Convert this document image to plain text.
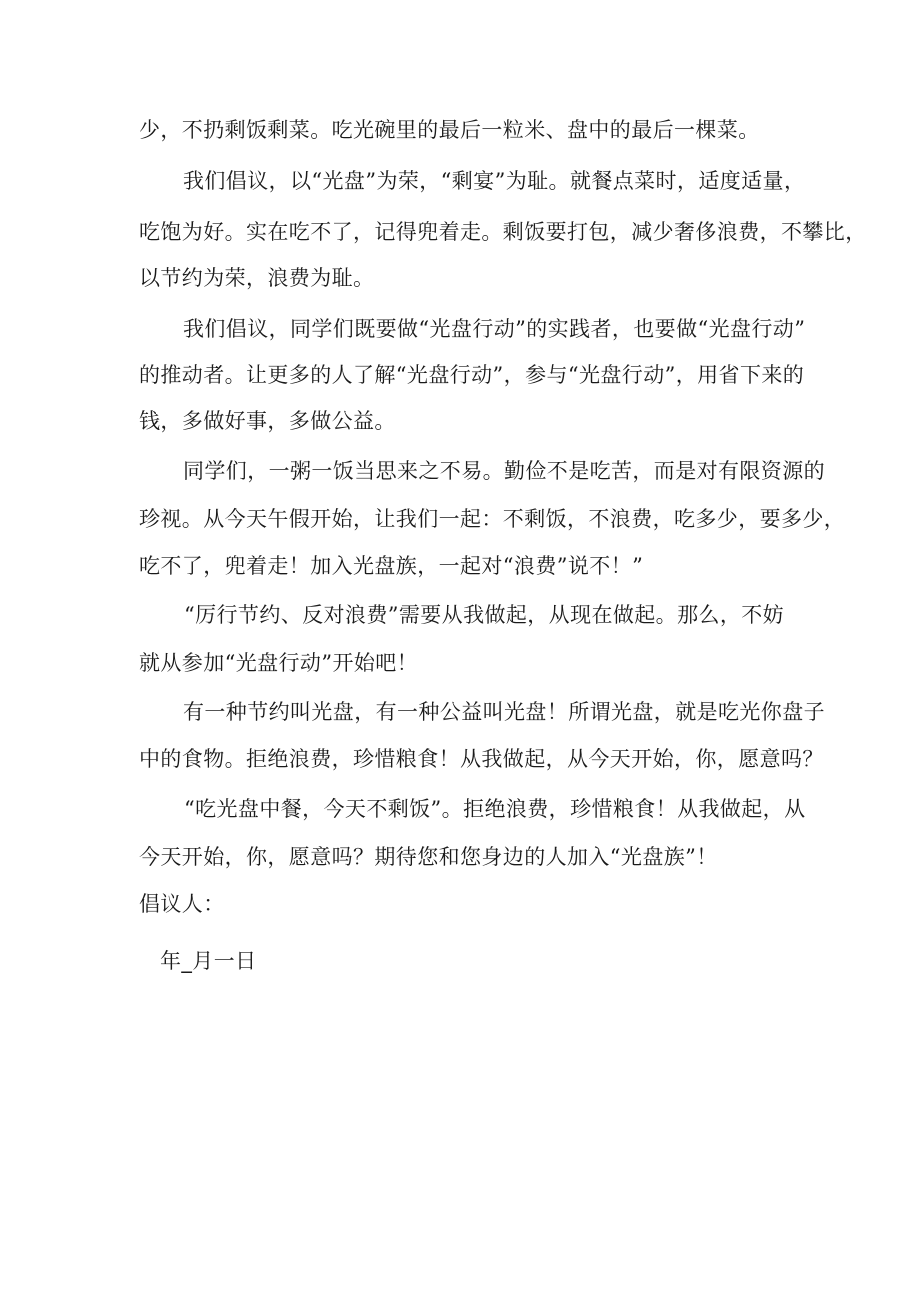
少，不扔剩饭剩菜。吃光碗里的最后一粒米、盘中的最后一棵菜。
我们倡议，以“光盘”为荣，“剩宴”为耻。就餐点菜时，适度适量，
吃饱为好。实在吃不了，记得兜着走。剩饭要打包，减少奢侈浪费，不攀比，
以节约为荣，浪费为耻。
我们倡议，同学们既要做“光盘行动”的实践者，也要做“光盘行动”
的推动者。让更多的人了解“光盘行动”，参与“光盘行动”，用省下来的
钱，多做好事，多做公益。
同学们，一粥一饭当思来之不易。勤俭不是吃苦，而是对有限资源的
珍视。从今天午假开始，让我们一起：不剩饭，不浪费，吃多少，要多少，
吃不了，兜着走！加入光盘族，一起对“浪费”说不！”
“厉行节约、反对浪费”需要从我做起，从现在做起。那么，不妨
就从参加“光盘行动”开始吧！
有一种节约叫光盘，有一种公益叫光盘！所谓光盘，就是吃光你盘子
中的食物。拒绝浪费，珍惜粮食！从我做起，从今天开始，你，愿意吗？
“吃光盘中餐，今天不剩饭”。拒绝浪费，珍惜粮食！从我做起，从
今天开始，你，愿意吗？期待您和您身边的人加入“光盘族”！
倡议人：
年_月一日
